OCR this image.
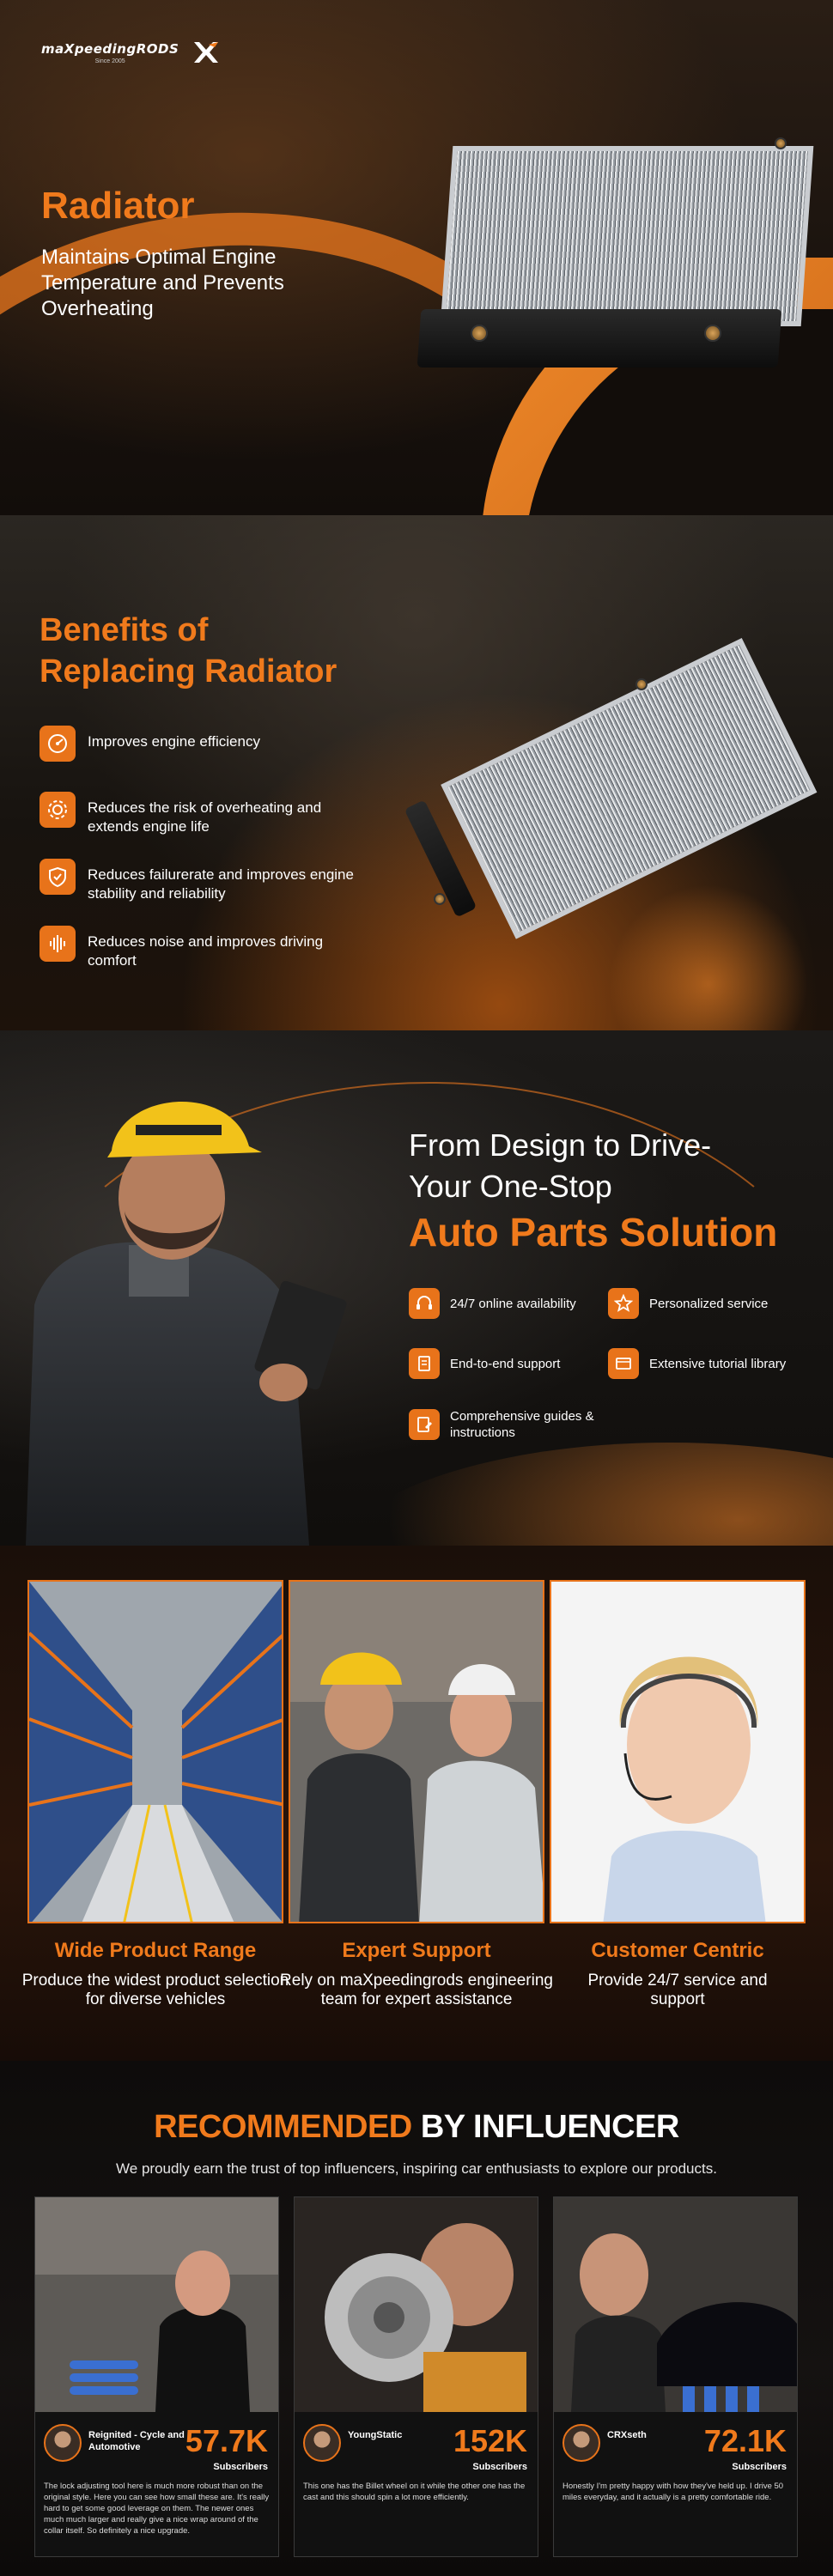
maXpeedingRODS
Since 2005
Radiator
Maintains Optimal Engine Temperature and Prevents Overheating
Benefits of
Replacing Radiator
Improves engine efficiency
Reduces the risk of overheating and extends engine life
Reduces failurerate and improves engine stability and reliability
Reduces noise and improves driving comfort
From Design to Drive-
Your One-Stop
Auto Parts Solution
24/7 online availability	Personalized service
End-to-end support	Extensive tutorial library
Comprehensive guides & instructions
Wide Product Range
Produce the widest product selection for diverse vehicles
Expert Support
Rely on maXpeedingrods engineering team for expert assistance
Customer Centric
Provide 24/7 service and support
RECOMMENDED BY INFLUENCER
We proudly earn the trust of top influencers, inspiring car enthusiasts to explore our products.
Reignited - Cycle and Automotive	57.7K
Subscribers
The lock adjusting tool here is much more robust than on the original style. Here you can see how small these are. It's really hard to get some good leverage on them. The newer ones much much larger and really give a nice wrap around of the collar itself. So definitely a nice upgrade.
YoungStatic	152K
Subscribers
This one has the Billet wheel on it while the other one has the cast and this should spin a lot more efficiently.
CRXseth	72.1K
Subscribers
Honestly I'm pretty happy with how they've held up. I drive 50 miles everyday, and it actually is a pretty comfortable ride.
